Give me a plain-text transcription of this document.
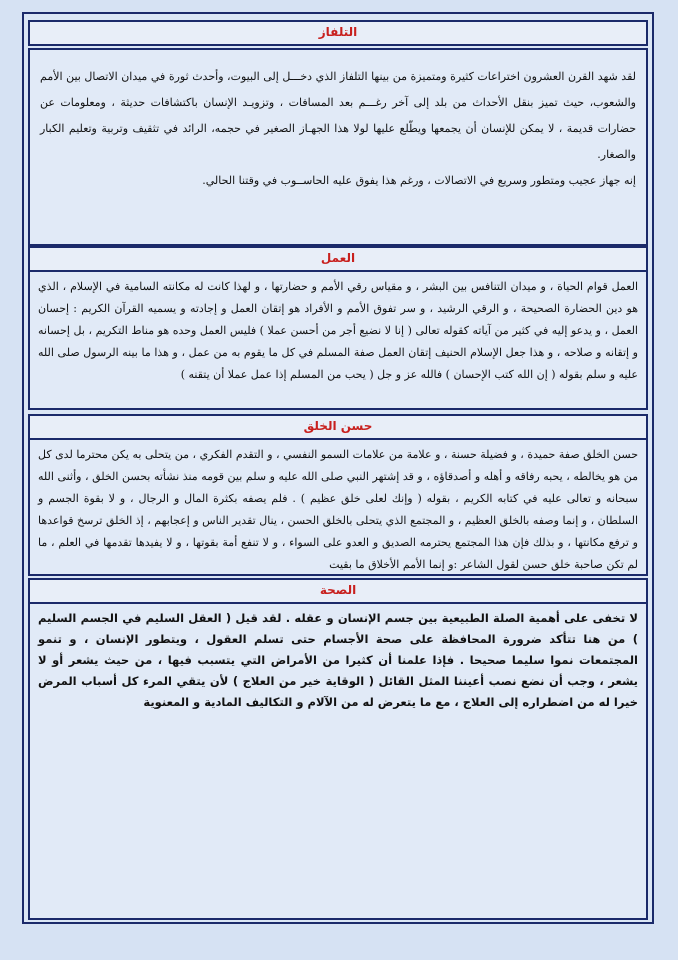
التلفاز

لقد شهد القرن العشرون اختراعات كثيرة ومتميزة من بينها التلفاز الذي دخـــل إلى البيوت، وأحدث ثورة في ميدان الاتصال بين الأمم والشعوب، حيث تميز بنقل الأحداث من بلد إلى آخر رغـــم بعد المسافات ، وتزويـد الإنسان باكتشافات حديثة ، ومعلومات عن حضارات قديمة ، لا يمكن للإنسان أن يجمعها ويطّلع عليها لولا هذا الجهـاز الصغير في حجمه، الرائد في تثقيف وتربية وتعليم الكبار والصغار.

إنه جهاز عجيب ومتطور وسريع في الاتصالات ، ورغم هذا يفوق عليه الحاســوب في وقتنا الحالي.

العمل

العمل قوام الحياة ، و ميدان التنافس بين البشر ، و مقياس رقي الأمم و حضارتها ، و لهذا كانت له مكانته السامية في الإسلام ، الذي هو دين الحضارة الصحيحة ، و الرقي الرشيد ، و سر تفوق الأمم و الأفراد هو إتقان العمل و إجادته و يسميه القرآن الكريم : إحسان العمل ، و يدعو إليه في كثير من آياته كقوله تعالى ( إنا لا نضيع أجر من أحسن عملا ) فليس العمل وحده هو مناط التكريم ، بل إحسانه و إتقانه و صلاحه ، و هذا جعل الإسلام الحنيف إتقان العمل صفة المسلم في كل ما يقوم به من عمل ، و هذا ما بينه الرسول صلى الله عليه و سلم بقوله ( إن الله كتب الإحسان ) فالله عز و جل ( يحب من المسلم إذا عمل عملا أن يتقنه )

حسن الخلق

حسن الخلق صفة حميدة ، و فضيلة حسنة ، و علامة من علامات السمو النفسي ، و التقدم الفكري ، من يتحلى به يكن محترما لدى كل من هو يخالطه ، يحبه رفاقه و أهله و أصدقاؤه ، و قد إشتهر النبي صلى الله عليه و سلم بين قومه منذ نشأته بحسن الخلق ، وأثنى الله سبحانه و تعالى عليه في كتابه الكريم ، بقوله ( وإنك لعلى خلق عظيم ) . فلم يصفه بكثرة المال و الرجال ، و لا بقوة الجسم و السلطان ، و إنما وصفه بالخلق العظيم ، و المجتمع الذي يتحلى بالخلق الحسن ، ينال تقدير الناس و إعجابهم ، إذ الخلق ترسخ قواعدها و ترفع مكانتها ، و بذلك فإن هذا المجتمع يحترمه الصديق و العدو على السواء ، و لا تنفع أمة بقوتها ، و لا يفيدها تقدمها في العلم ، ما لم تكن صاحبة خلق حسن لقول الشاعر :و إنما الأمم الأخلاق ما بقيت

الصحة

لا تخفى على أهمية الصلة الطبيعية بين جسم الإنسان و عقله . لقد قيل ( العقل السليم في الجسم السليم ) من هنا تتأكد ضرورة المحافظة على صحة الأجسام حتى تسلم العقول ، ويتطور الإنسان ، و تنمو المجتمعات نموا سليما صحيحا . فإذا علمنا أن كثيرا من الأمراض التي يتسبب فيها ، من حيث يشعر أو لا يشعر ، وجب أن نضع نصب أعيننا المثل القائل ( الوقاية خير من العلاج ) لأن يتقي المرء كل أسباب المرض خيرا له من اضطراره إلى العلاج ، مع ما يتعرض له من الآلام و التكاليف المادية و المعنوية
